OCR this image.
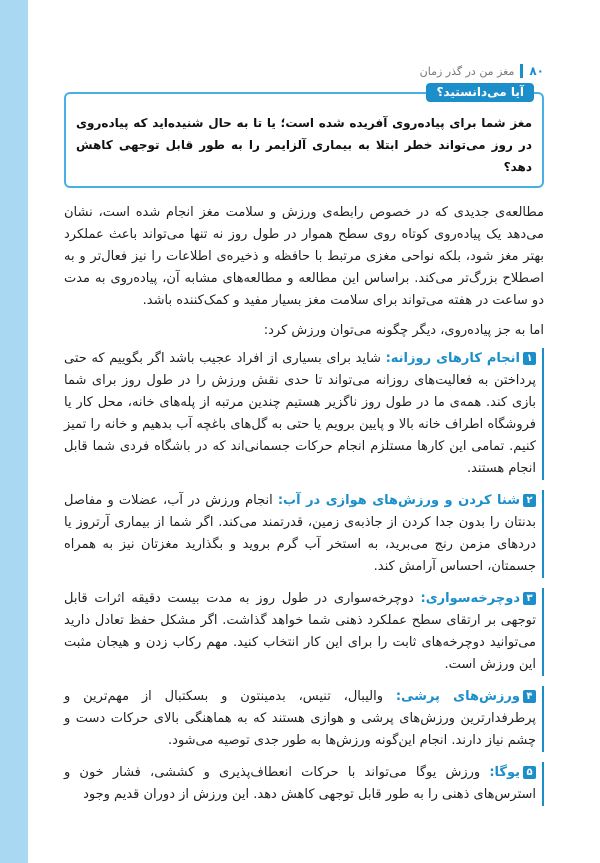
۸۰
مغز من در گذر زمان
آیا می‌دانستید؟
مغز شما برای پیاده‌روی آفریده شده است؛ یا تا به حال شنیده‌اید که پیاده‌روی در روز می‌تواند خطر ابتلا به بیماری آلزایمر را به طور قابل توجهی کاهش دهد؟

مطالعه‌ی جدیدی که در خصوص رابطه‌ی ورزش و سلامت مغز انجام شده است، نشان می‌دهد یک پیاده‌روی کوتاه روی سطح هموار در طول روز نه تنها می‌تواند باعث عملکرد بهتر مغز شود، بلکه نواحی مغزی مرتبط با حافظه و ذخیره‌ی اطلاعات را نیز فعال‌تر و به اصطلاح بزرگ‌تر می‌کند. براساس این مطالعه و مطالعه‌های مشابه آن، پیاده‌روی به مدت دو ساعت در هفته می‌تواند برای سلامت مغز بسیار مفید و کمک‌کننده باشد.

اما به جز پیاده‌روی، دیگر چگونه می‌توان ورزش کرد:

۱انجام کارهای روزانه: شاید برای بسیاری از افراد عجیب باشد اگر بگوییم که حتی پرداختن به فعالیت‌های روزانه می‌تواند تا حدی نقش ورزش را در طول روز برای شما بازی کند. همه‌ی ما در طول روز ناگزیر هستیم چندین مرتبه از پله‌های خانه، محل کار یا فروشگاه اطراف خانه بالا و پایین برویم یا حتی به گل‌های باغچه آب بدهیم و خانه را تمیز کنیم. تمامی این کارها مستلزم انجام حرکات جسمانی‌اند که در باشگاه فردی شما قابل انجام هستند.
۲شنا کردن و ورزش‌های هوازی در آب: انجام ورزش در آب، عضلات و مفاصل بدنتان را بدون جدا کردن از جاذبه‌ی زمین، قدرتمند می‌کند. اگر شما از بیماری آرتروز یا دردهای مزمن رنج می‌برید، به استخر آب گرم بروید و بگذارید مغزتان نیز به همراه جسمتان، احساس آرامش کند.
۳دوچرخه‌سواری: دوچرخه‌سواری در طول روز به مدت بیست دقیقه اثرات قابل توجهی بر ارتقای سطح عملکرد ذهنی شما خواهد گذاشت. اگر مشکل حفظ تعادل دارید می‌توانید دوچرخه‌های ثابت را برای این کار انتخاب کنید. مهم رکاب زدن و هیجان مثبت این ورزش است.
۴ورزش‌های پرشی: والیبال، تنیس، بدمینتون و بسکتبال از مهم‌ترین و پرطرفدارترین ورزش‌های پرشی و هوازی هستند که به هماهنگی بالای حرکات دست و چشم نیاز دارند. انجام این‌گونه ورزش‌ها به طور جدی توصیه می‌شود.
۵یوگا: ورزش یوگا می‌تواند با حرکات انعطاف‌پذیری و کششی، فشار خون و استرس‌های ذهنی را به طور قابل توجهی کاهش دهد. این ورزش از دوران قدیم وجود
